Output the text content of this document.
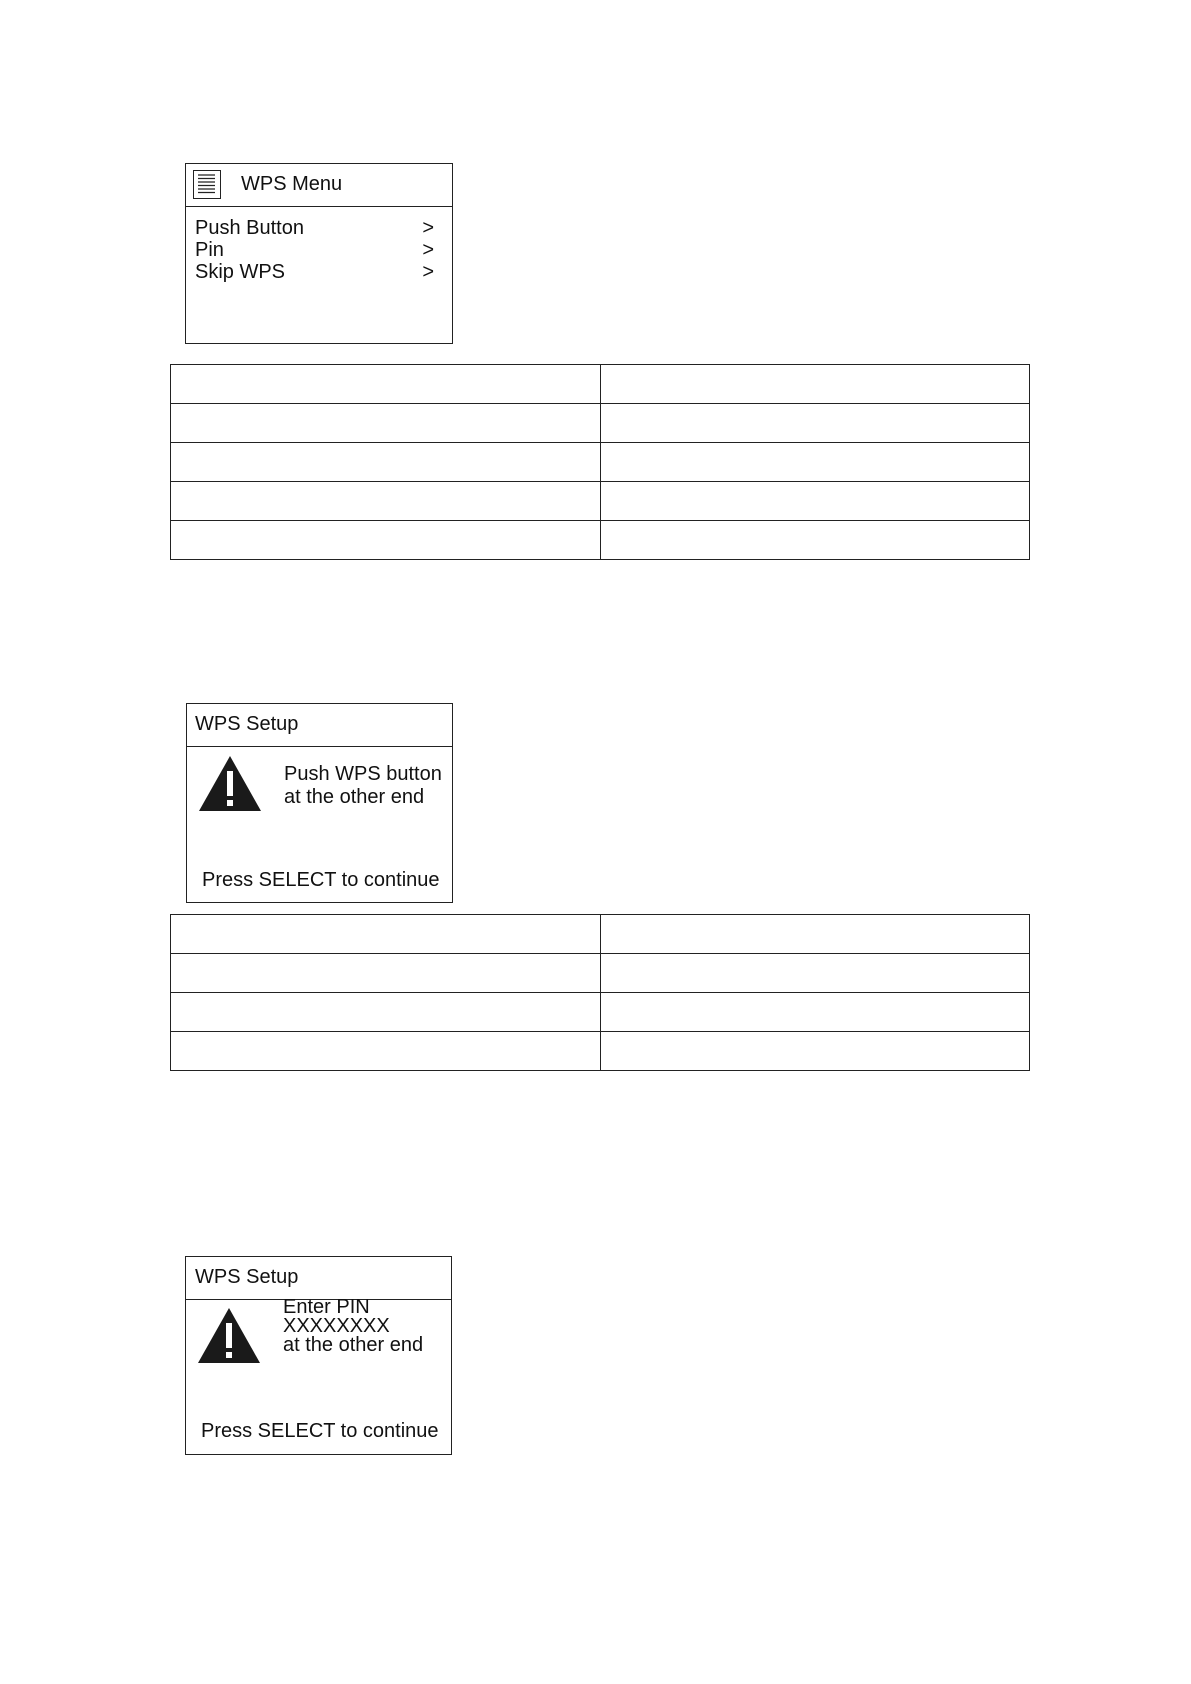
WPS Menu
Push Button	>
Pin	>
Skip WPS	>

WPS Setup
Push WPS button
at the other end
Press SELECT to continue

WPS Setup
Enter PIN
XXXXXXXX
at the other end
Press SELECT to continue
